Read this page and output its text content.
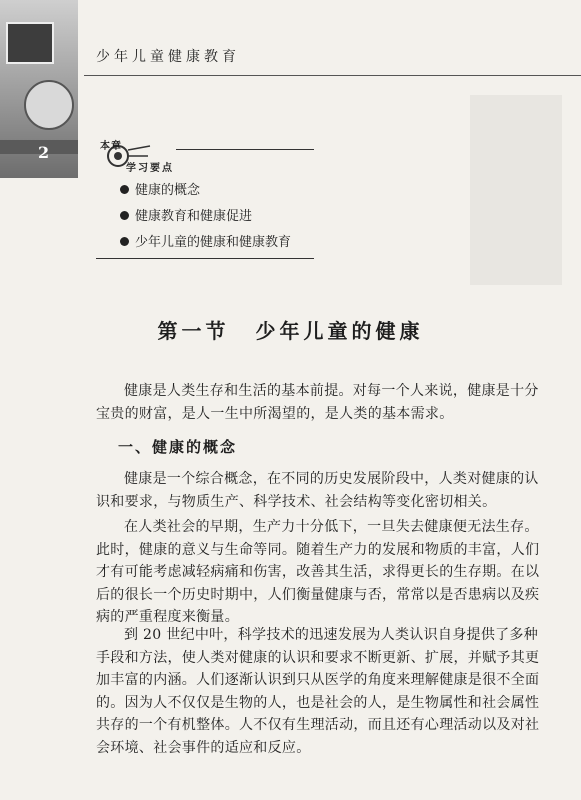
2
少年儿童健康教育
本章
学习要点
健康的概念
健康教育和健康促进
少年儿童的健康和健康教育
第一节 少年儿童的健康
健康是人类生存和生活的基本前提。对每一个人来说，健康是十分宝贵的财富，是人一生中所渴望的，是人类的基本需求。
一、健康的概念
健康是一个综合概念，在不同的历史发展阶段中，人类对健康的认识和要求，与物质生产、科学技术、社会结构等变化密切相关。
在人类社会的早期，生产力十分低下，一旦失去健康便无法生存。此时，健康的意义与生命等同。随着生产力的发展和物质的丰富，人们才有可能考虑减轻病痛和伤害，改善其生活，求得更长的生存期。在以后的很长一个历史时期中，人们衡量健康与否，常常以是否患病以及疾病的严重程度来衡量。
到 20 世纪中叶，科学技术的迅速发展为人类认识自身提供了多种手段和方法，使人类对健康的认识和要求不断更新、扩展，并赋予其更加丰富的内涵。人们逐渐认识到只从医学的角度来理解健康是很不全面的。因为人不仅仅是生物的人，也是社会的人，是生物属性和社会属性共存的一个有机整体。人不仅有生理活动，而且还有心理活动以及对社会环境、社会事件的适应和反应。
